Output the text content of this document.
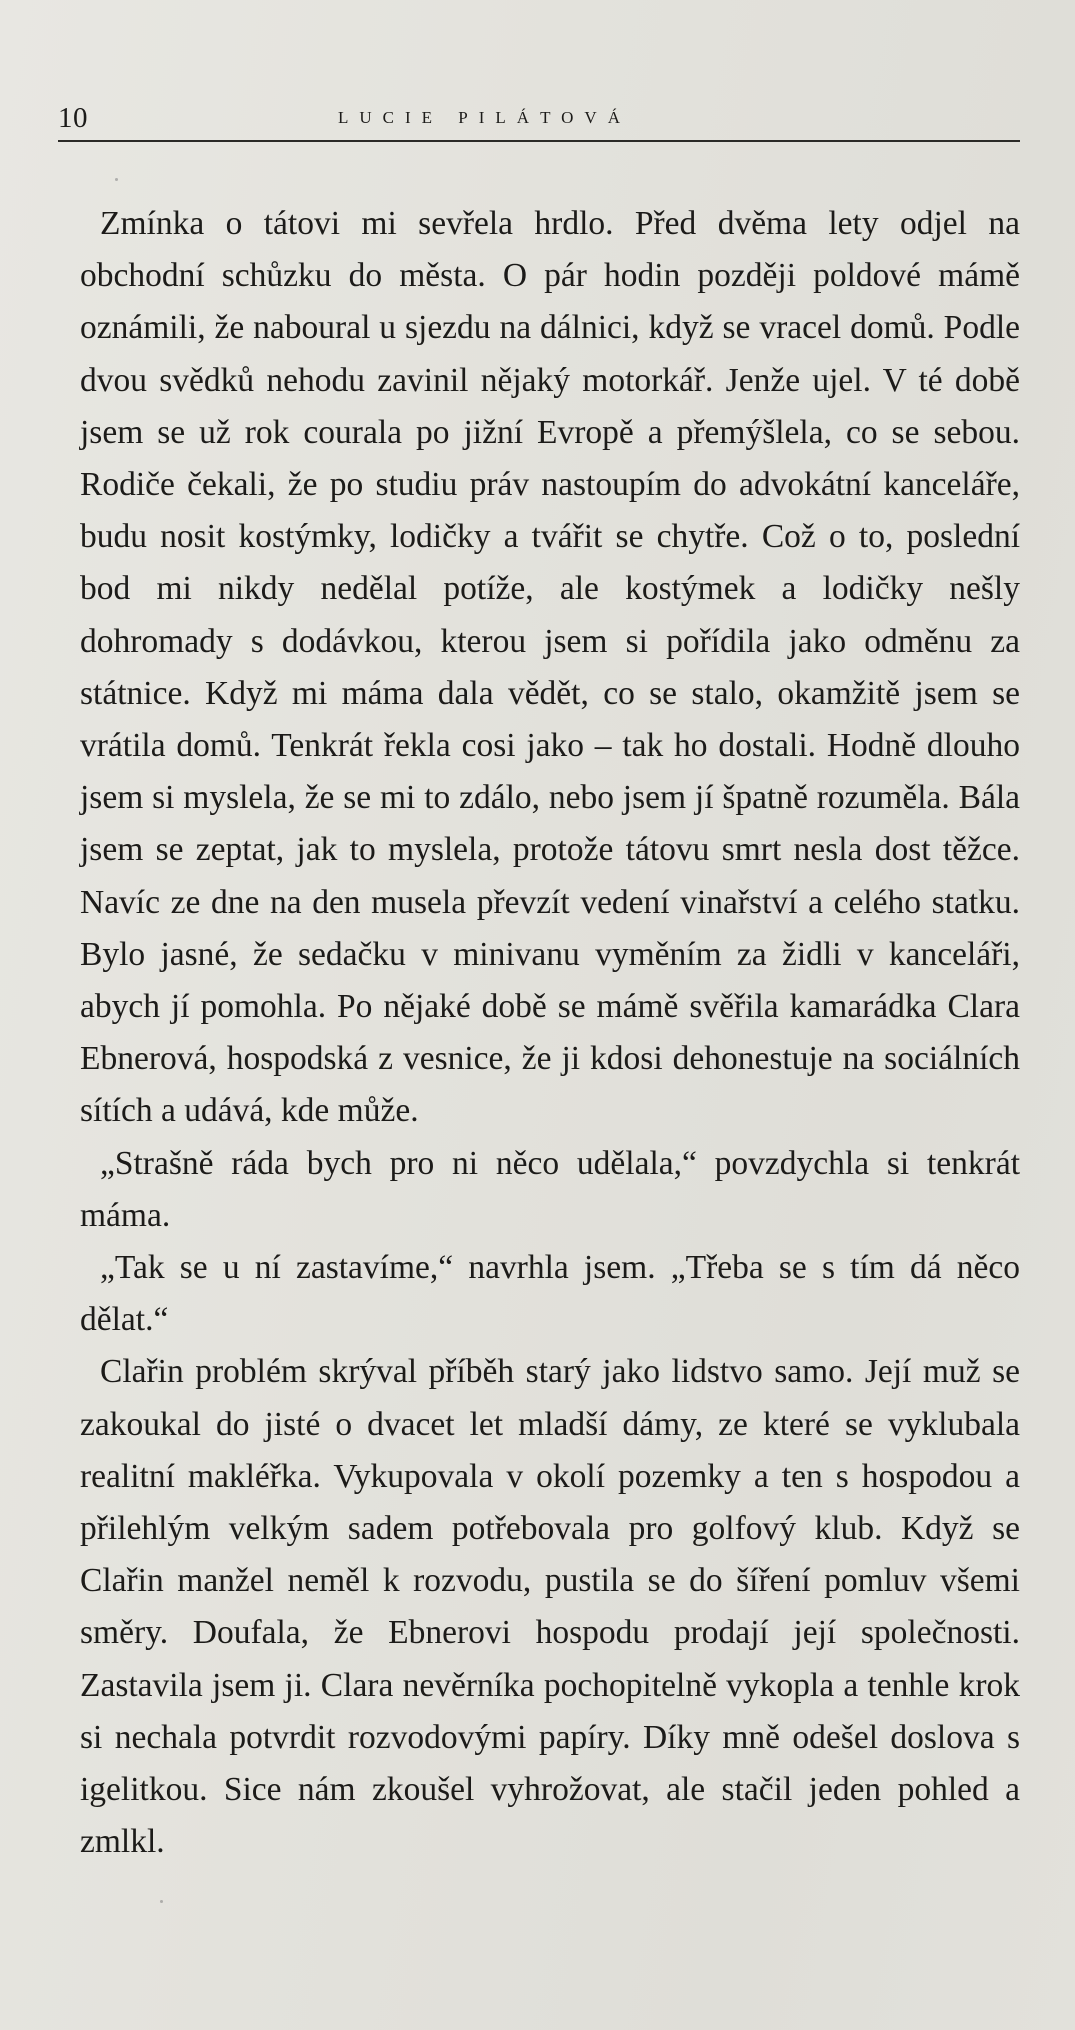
10	LUCIE PILÁTOVÁ

Zmínka o tátovi mi sevřela hrdlo. Před dvěma lety odjel na obchodní schůzku do města. O pár hodin později poldové mámě oznámili, že naboural u sjezdu na dálnici, když se vracel domů. Podle dvou svědků nehodu zavinil nějaký motorkář. Jenže ujel. V té době jsem se už rok courala po jižní Evropě a přemýšlela, co se sebou. Rodiče čekali, že po studiu práv nastoupím do advokátní kanceláře, budu nosit kostýmky, lodičky a tvářit se chytře. Což o to, poslední bod mi nikdy nedělal potíže, ale kostýmek a lodičky nešly dohromady s dodávkou, kterou jsem si pořídila jako odměnu za státnice. Když mi máma dala vědět, co se stalo, okamžitě jsem se vrátila domů. Tenkrát řekla cosi jako – tak ho dostali. Hodně dlouho jsem si myslela, že se mi to zdálo, nebo jsem jí špatně rozuměla. Bála jsem se zeptat, jak to myslela, protože tátovu smrt nesla dost těžce. Navíc ze dne na den musela převzít vedení vinařství a celého statku. Bylo jasné, že sedačku v minivanu vyměním za židli v kanceláři, abych jí pomohla. Po nějaké době se mámě svěřila kamarádka Clara Ebnerová, hospodská z vesnice, že ji kdosi dehonestuje na sociálních sítích a udává, kde může.

„Strašně ráda bych pro ni něco udělala,“ povzdychla si tenkrát máma.

„Tak se u ní zastavíme,“ navrhla jsem. „Třeba se s tím dá něco dělat.“

Clařin problém skrýval příběh starý jako lidstvo samo. Její muž se zakoukal do jisté o dvacet let mladší dámy, ze které se vyklubala realitní makléřka. Vykupovala v okolí pozemky a ten s hospodou a přilehlým velkým sadem potřebovala pro golfový klub. Když se Clařin manžel neměl k rozvodu, pustila se do šíření pomluv všemi směry. Doufala, že Ebnerovi hospodu prodají její společnosti. Zastavila jsem ji. Clara nevěrníka pochopitelně vykopla a tenhle krok si nechala potvrdit rozvodovými papíry. Díky mně odešel doslova s igelitkou. Sice nám zkoušel vyhrožovat, ale stačil jeden pohled a zmlkl.
